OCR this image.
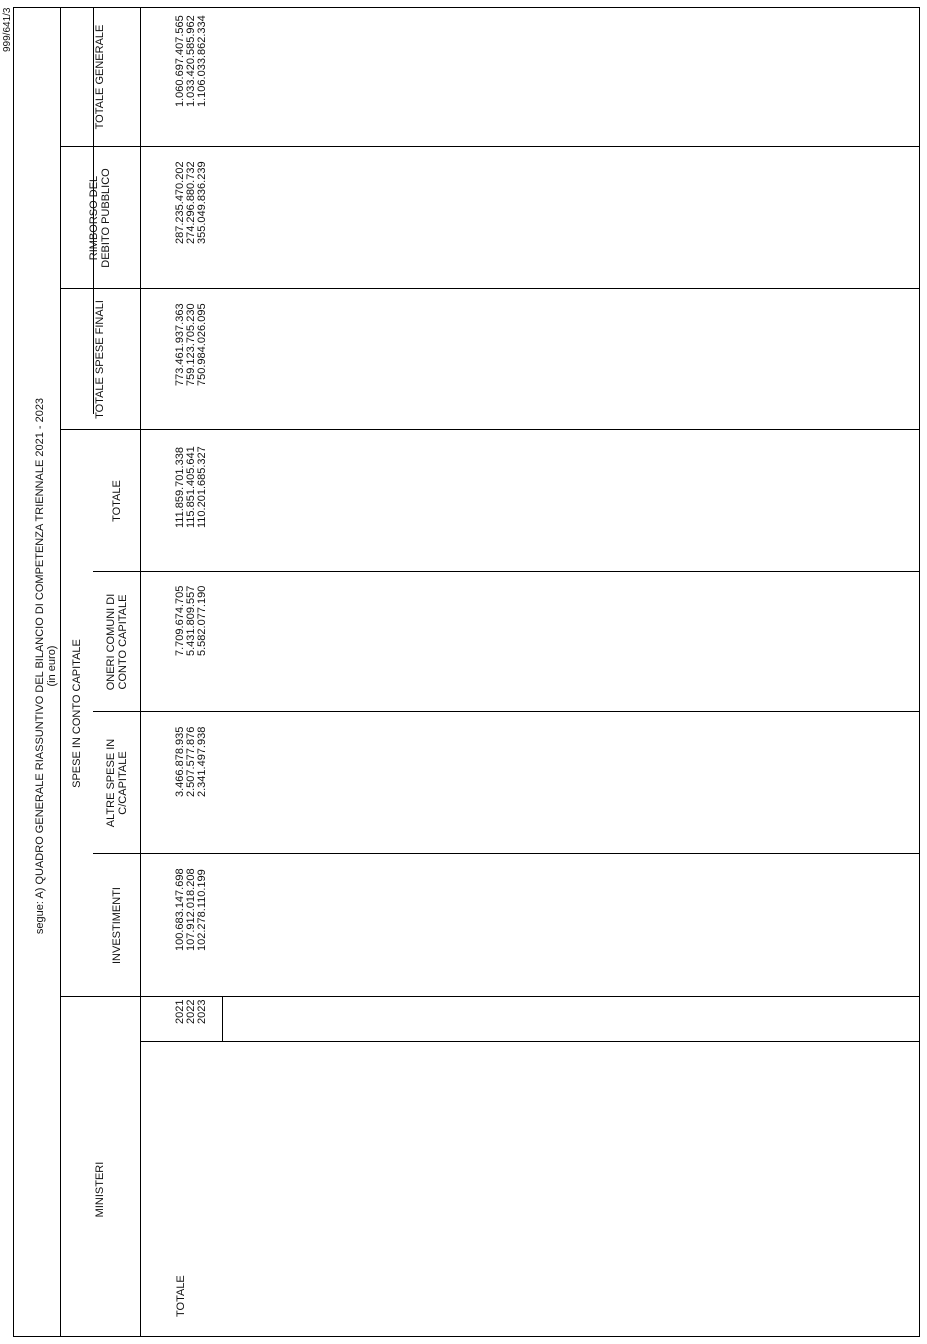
999/641/3
segue: A) QUADRO GENERALE RIASSUNTIVO DEL BILANCIO DI COMPETENZA TRIENNALE 2021 - 2023 (in euro)
MINISTERI
SPESE IN CONTO CAPITALE
INVESTIMENTI
ALTRE SPESE IN C/CAPITALE
ONERI COMUNI DI CONTO CAPITALE
TOTALE
TOTALE SPESE FINALI
RIMBORSO DEL DEBITO PUBBLICO
TOTALE GENERALE
TOTALE
2021 2022 2023
100.683.147.698 107.912.018.208 102.278.110.199
3.466.878.935 2.507.577.876 2.341.497.938
7.709.674.705 5.431.809.557 5.582.077.190
111.859.701.338 115.851.405.641 110.201.685.327
773.461.937.363 759.123.705.230 750.984.026.095
287.235.470.202 274.296.880.732 355.049.836.239
1.060.697.407.565 1.033.420.585.962 1.106.033.862.334
